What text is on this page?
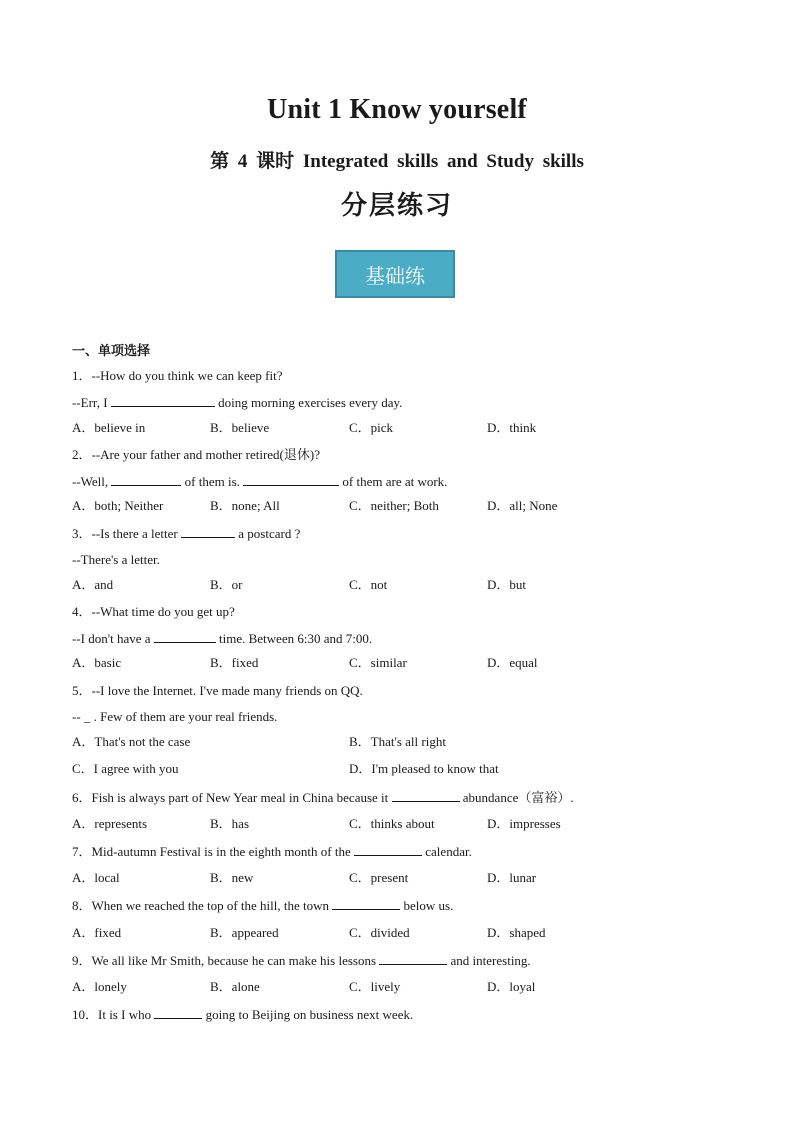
Unit 1 Know yourself
第 4 课时 Integrated skills and Study skills
分层练习
基础练
一、单项选择
1．--How do you think we can keep fit?
--Err, I	doing morning exercises every day.
A．believe in	B．believe	C．pick	D．think
2．--Are your father and mother retired(退休)?
--Well,	of them is.	of them are at work.
A．both; Neither	B．none; All	C．neither; Both	D．all; None
3．--Is there a letter	a postcard ?
--There's a letter.
A．and	B．or	C．not	D．but
4．--What time do you get up?
--I don't have a	time. Between 6:30 and 7:00.
A．basic	B．fixed	C．similar	D．equal
5．--I love the Internet. I've made many friends on QQ.
-- _ . Few of them are your real friends.
A．That's not the case	B．That's all right
C．I agree with you	D．I'm pleased to know that
6．Fish is always part of New Year meal in China because it	abundance（富裕）.
A．represents	B．has	C．thinks about	D．impresses
7．Mid-autumn Festival is in the eighth month of the	calendar.
A．local	B．new	C．present	D．lunar
8．When we reached the top of the hill, the town	below us.
A．fixed	B．appeared	C．divided	D．shaped
9．We all like Mr Smith, because he can make his lessons	and interesting.
A．lonely	B．alone	C．lively	D．loyal
10．It is I who	going to Beijing on business next week.
